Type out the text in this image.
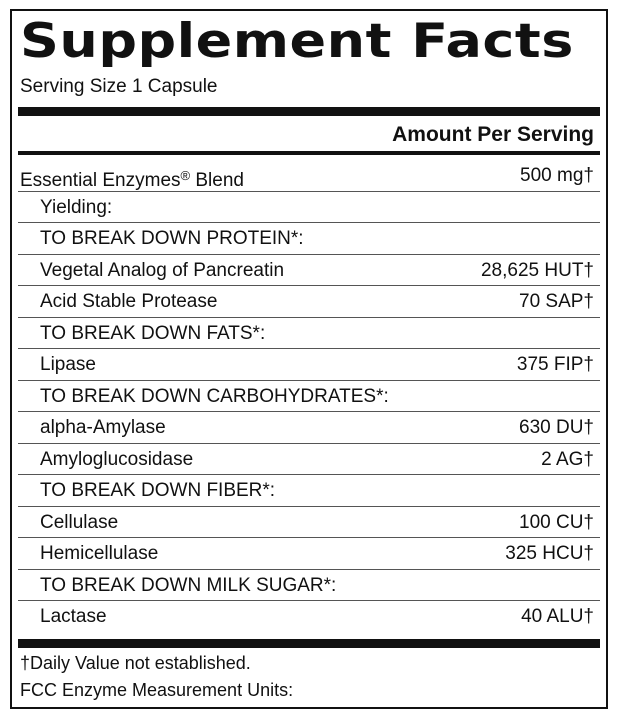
Supplement Facts
Serving Size 1 Capsule
Amount Per Serving
Essential Enzymes® Blend	500 mg†
Yielding:
TO BREAK DOWN PROTEIN*:
Vegetal Analog of Pancreatin	28,625 HUT†
Acid Stable Protease	70 SAP†
TO BREAK DOWN FATS*:
Lipase	375 FIP†
TO BREAK DOWN CARBOHYDRATES*:
alpha-Amylase	630 DU†
Amyloglucosidase	2 AG†
TO BREAK DOWN FIBER*:
Cellulase	100 CU†
Hemicellulase	325 HCU†
TO BREAK DOWN MILK SUGAR*:
Lactase	40 ALU†
†Daily Value not established.
FCC Enzyme Measurement Units:
